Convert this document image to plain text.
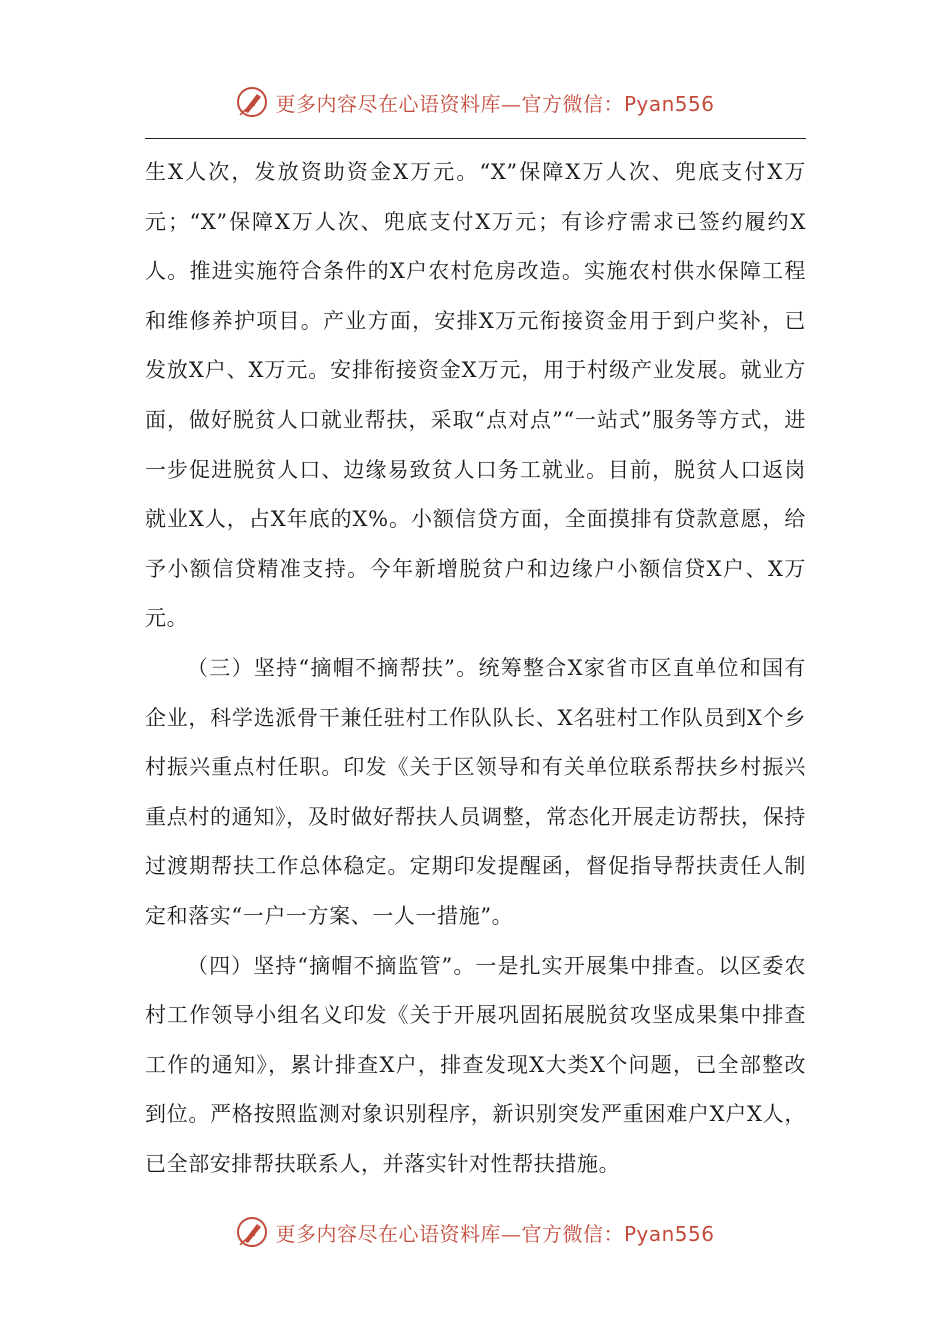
更多内容尽在心语资料库—官方微信：Pyan556

生X人次，发放资助资金X万元。“X”保障X万人次、兜底支付X万元；“X”保障X万人次、兜底支付X万元；有诊疗需求已签约履约X人。推进实施符合条件的X户农村危房改造。实施农村供水保障工程和维修养护项目。产业方面，安排X万元衔接资金用于到户奖补，已发放X户、X万元。安排衔接资金X万元，用于村级产业发展。就业方面，做好脱贫人口就业帮扶，采取“点对点”“一站式”服务等方式，进一步促进脱贫人口、边缘易致贫人口务工就业。目前，脱贫人口返岗就业X人，占X年底的X%。小额信贷方面，全面摸排有贷款意愿，给予小额信贷精准支持。今年新增脱贫户和边缘户小额信贷X户、X万元。

（三）坚持“摘帽不摘帮扶”。统筹整合X家省市区直单位和国有企业，科学选派骨干兼任驻村工作队队长、X名驻村工作队员到X个乡村振兴重点村任职。印发《关于区领导和有关单位联系帮扶乡村振兴重点村的通知》，及时做好帮扶人员调整，常态化开展走访帮扶，保持过渡期帮扶工作总体稳定。定期印发提醒函，督促指导帮扶责任人制定和落实“一户一方案、一人一措施”。

（四）坚持“摘帽不摘监管”。一是扎实开展集中排查。以区委农村工作领导小组名义印发《关于开展巩固拓展脱贫攻坚成果集中排查工作的通知》，累计排查X户，排查发现X大类X个问题，已全部整改到位。严格按照监测对象识别程序，新识别突发严重困难户X户X人，已全部安排帮扶联系人，并落实针对性帮扶措施。

更多内容尽在心语资料库—官方微信：Pyan556
